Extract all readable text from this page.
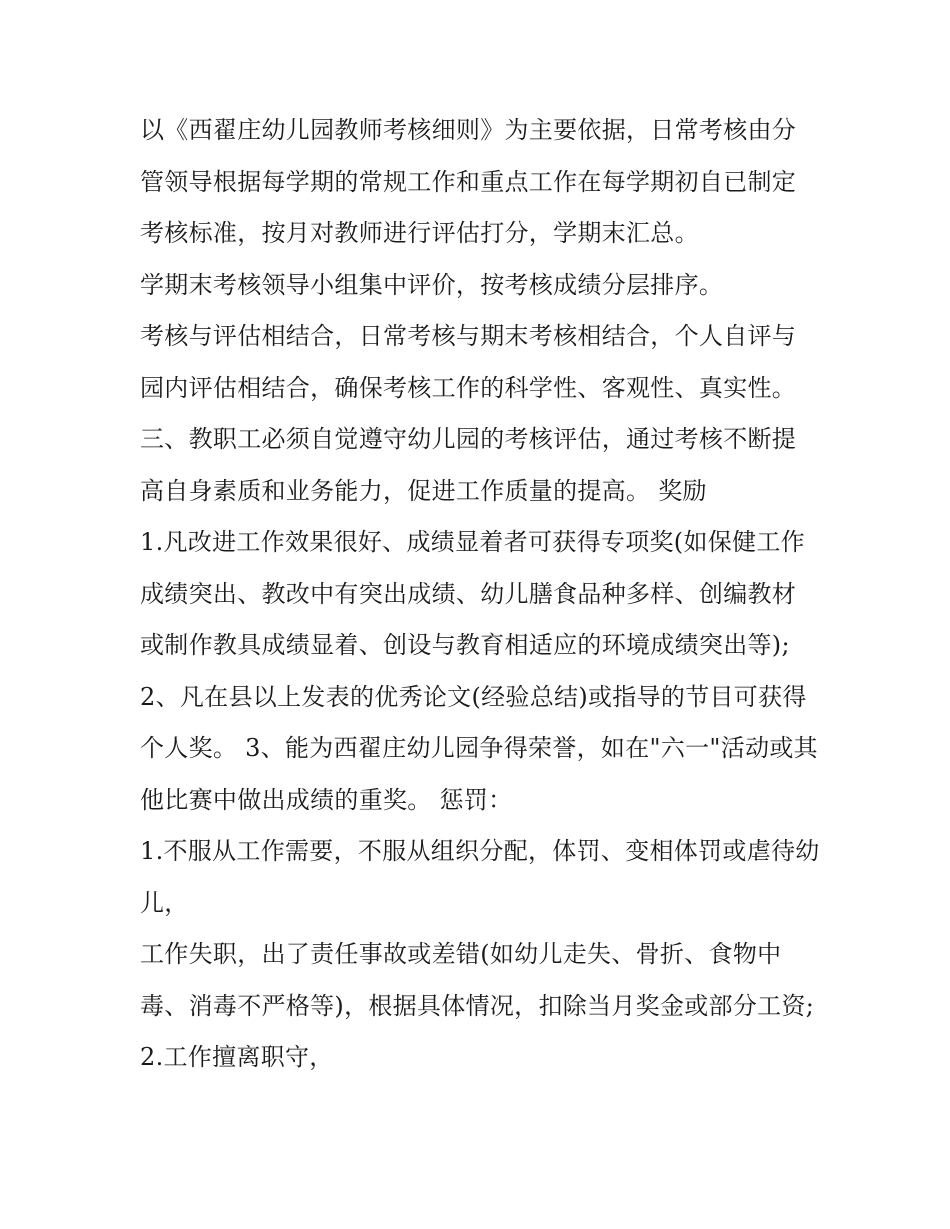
以《西翟庄幼儿园教师考核细则》为主要依据，日常考核由分管领导根据每学期的常规工作和重点工作在每学期初自已制定考核标准，按月对教师进行评估打分，学期末汇总。

学期末考核领导小组集中评价，按考核成绩分层排序。

考核与评估相结合，日常考核与期末考核相结合，个人自评与园内评估相结合，确保考核工作的科学性、客观性、真实性。

三、教职工必须自觉遵守幼儿园的考核评估，通过考核不断提高自身素质和业务能力，促进工作质量的提高。 奖励

1.凡改进工作效果很好、成绩显着者可获得专项奖(如保健工作成绩突出、教改中有突出成绩、幼儿膳食品种多样、创编教材或制作教具成绩显着、创设与教育相适应的环境成绩突出等);

2、凡在县以上发表的优秀论文(经验总结)或指导的节目可获得个人奖。 3、能为西翟庄幼儿园争得荣誉，如在"六一"活动或其他比赛中做出成绩的重奖。 惩罚：

1.不服从工作需要，不服从组织分配，体罚、变相体罚或虐待幼儿，

工作失职，出了责任事故或差错(如幼儿走失、骨折、食物中毒、消毒不严格等)，根据具体情况，扣除当月奖金或部分工资; 2.工作擅离职守，
